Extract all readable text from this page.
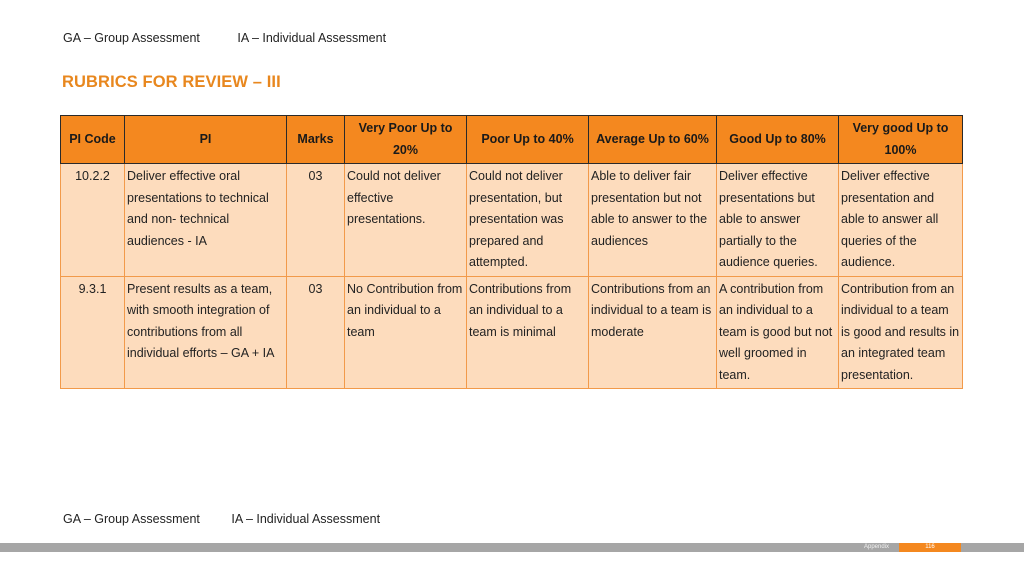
GA – Group Assessment	IA – Individual Assessment
RUBRICS FOR REVIEW – III
PI Code	PI	Marks	Very Poor Up to 20%	Poor Up to 40%	Average Up to 60%	Good Up to 80%	Very good Up to 100%
10.2.2	Deliver effective oral presentations to technical and non- technical audiences - IA	03	Could not deliver effective presentations.	Could not deliver presentation, but presentation was prepared and attempted.	Able to deliver fair presentation but not able to answer to the audiences	Deliver effective presentations but able to answer partially to the audience queries.	Deliver effective presentation and able to answer all queries of the audience.
9.3.1	Present results as a team, with smooth integration of contributions from all individual efforts – GA + IA	03	No Contribution from an individual to a team	Contributions from an individual to a team is minimal	Contributions from an individual to a team is moderate	A contribution from an individual to a team is good but not well groomed in team.	Contribution from an individual to a team is good and results in an integrated team presentation.
GA – Group Assessment	IA – Individual Assessment
Appendix	116
